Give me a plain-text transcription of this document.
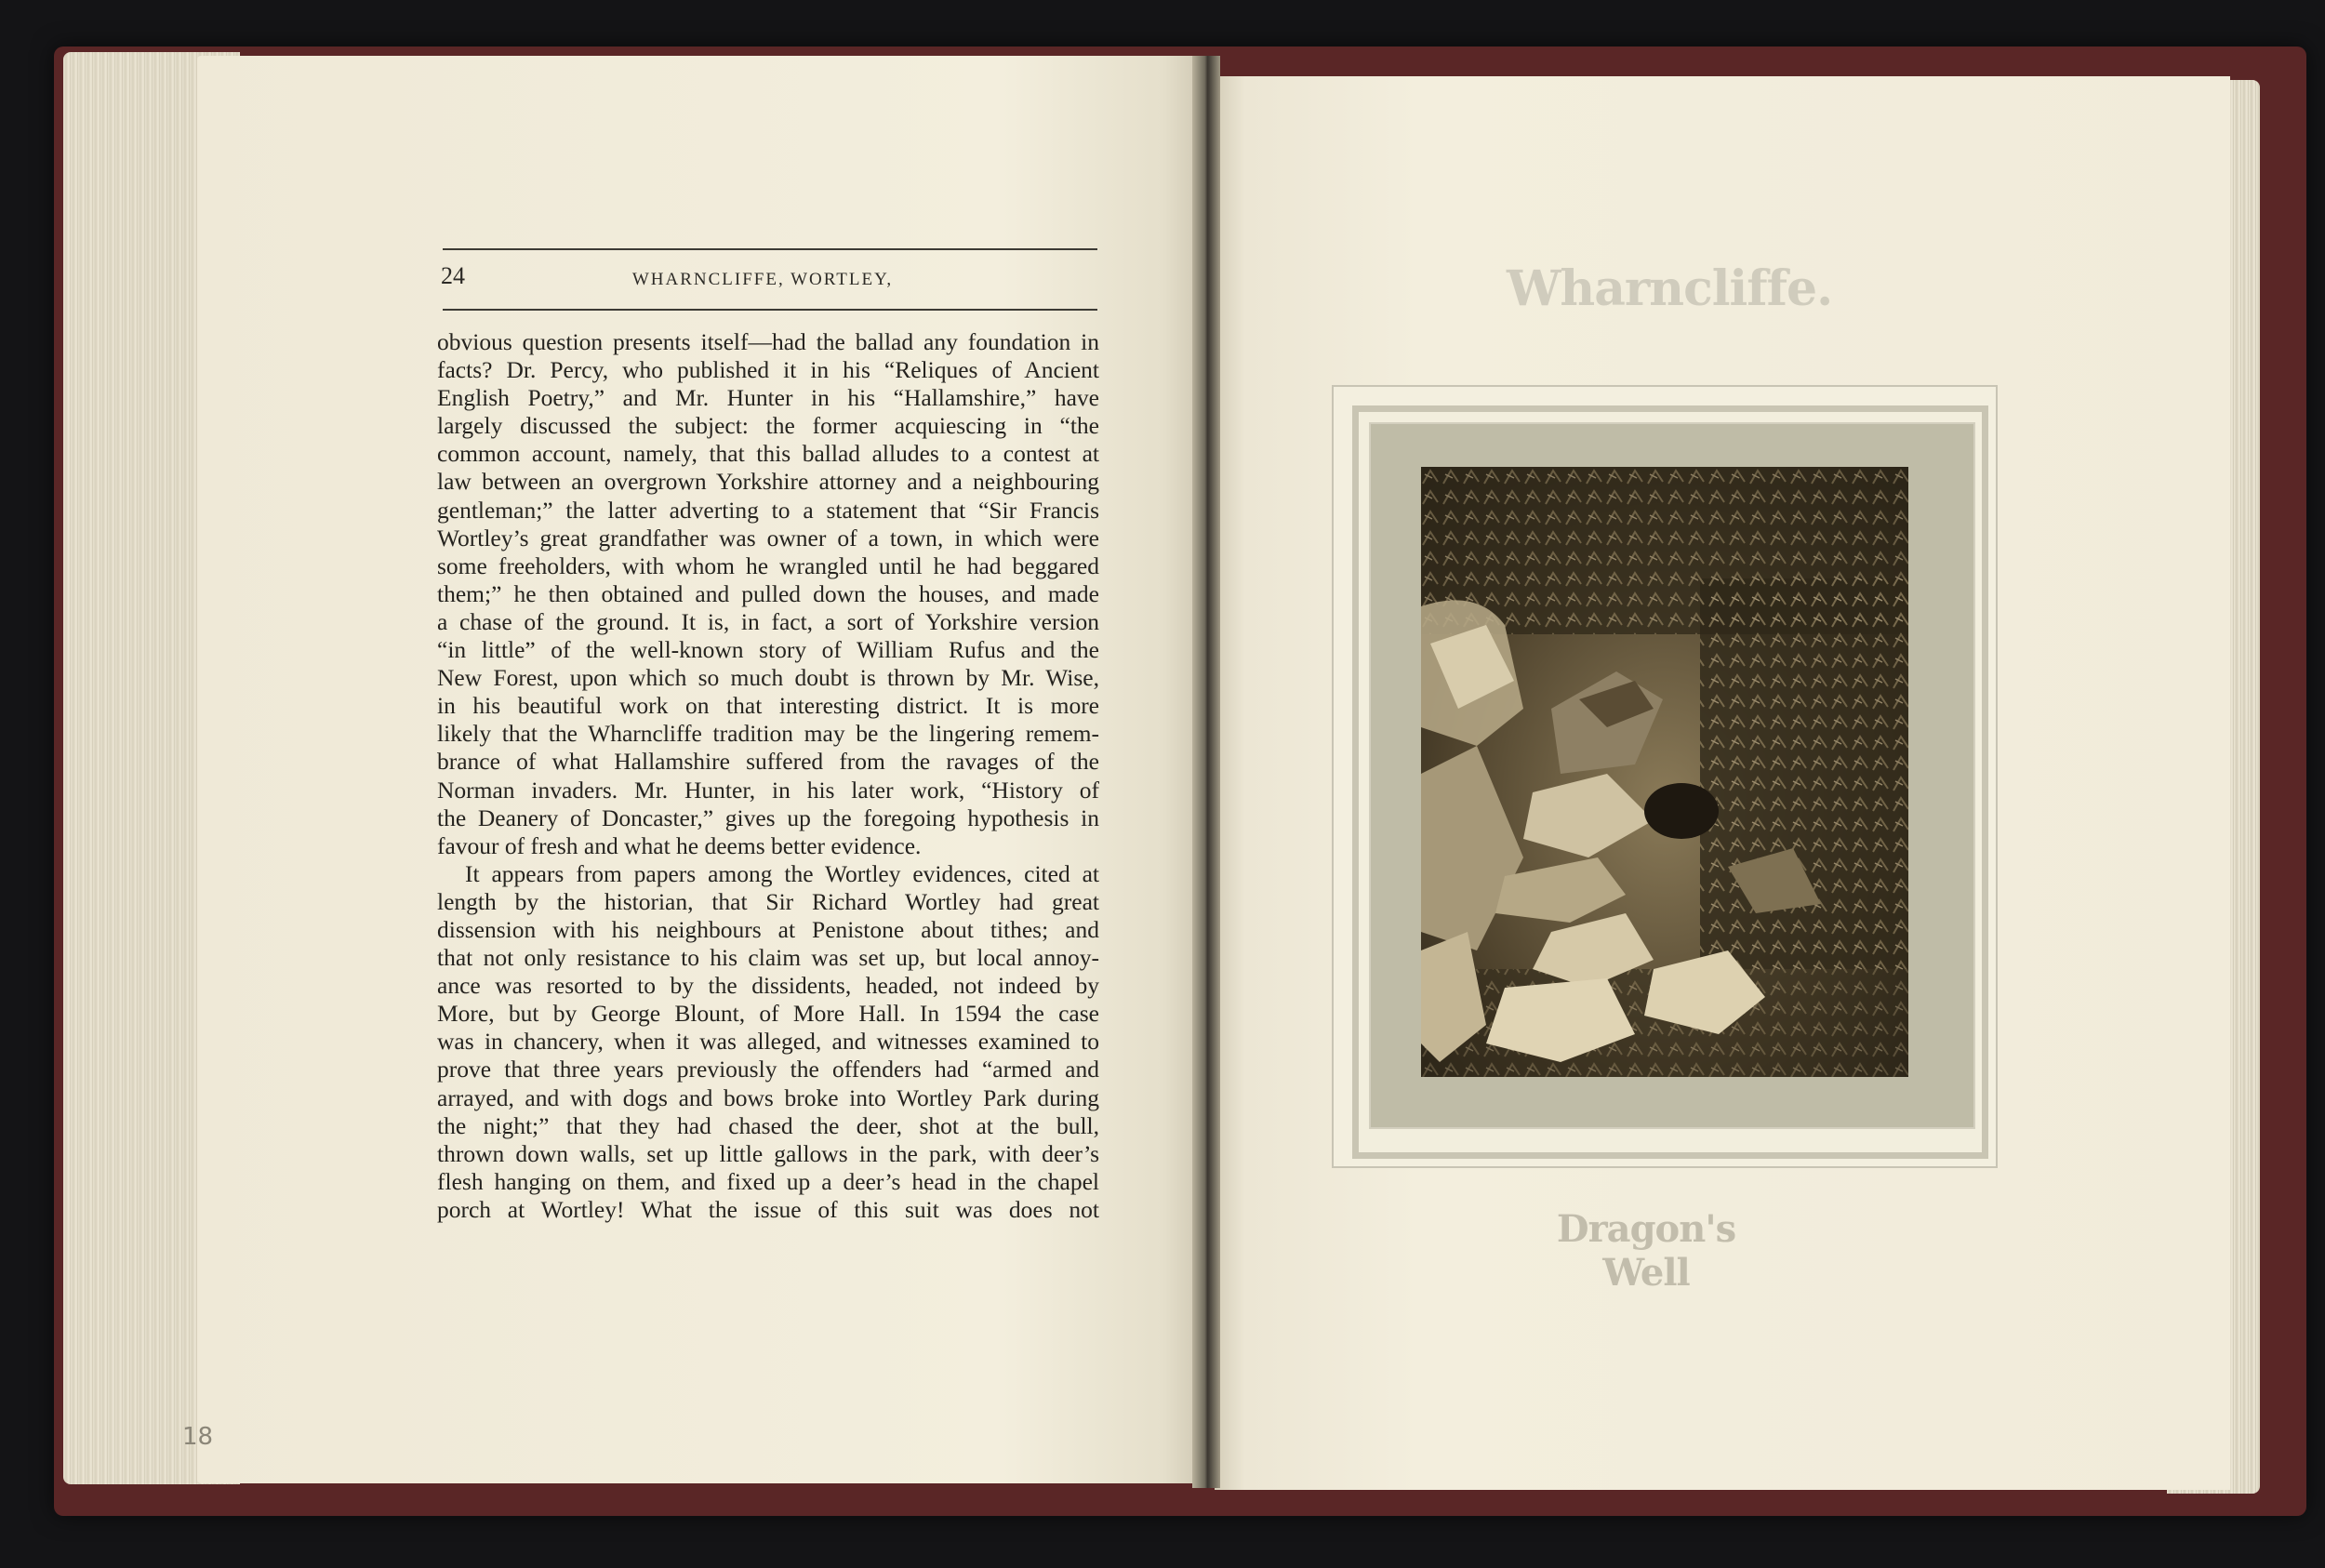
18
24	WHARNCLIFFE, WORTLEY,
obvious question presents itself—had the ballad any foundation in
facts? Dr. Percy, who published it in his “Reliques of Ancient
English Poetry,” and Mr. Hunter in his “Hallamshire,” have
largely discussed the subject: the former acquiescing in “the
common account, namely, that this ballad alludes to a contest at
law between an overgrown Yorkshire attorney and a neighbouring
gentleman;” the latter adverting to a statement that “Sir Francis
Wortley’s great grandfather was owner of a town, in which were
some freeholders, with whom he wrangled until he had beggared
them;” he then obtained and pulled down the houses, and made
a chase of the ground. It is, in fact, a sort of Yorkshire version
“in little” of the well-known story of William Rufus and the
New Forest, upon which so much doubt is thrown by Mr. Wise,
in his beautiful work on that interesting district. It is more
likely that the Wharncliffe tradition may be the lingering remem-
brance of what Hallamshire suffered from the ravages of the
Norman invaders. Mr. Hunter, in his later work, “History of
the Deanery of Doncaster,” gives up the foregoing hypothesis in
favour of fresh and what he deems better evidence.
It appears from papers among the Wortley evidences, cited at
length by the historian, that Sir Richard Wortley had great
dissension with his neighbours at Penistone about tithes; and
that not only resistance to his claim was set up, but local annoy-
ance was resorted to by the dissidents, headed, not indeed by
More, but by George Blount, of More Hall. In 1594 the case
was in chancery, when it was alleged, and witnesses examined to
prove that three years previously the offenders had “armed and
arrayed, and with dogs and bows broke into Wortley Park during
the night;” that they had chased the deer, shot at the bull,
thrown down walls, set up little gallows in the park, with deer’s
flesh hanging on them, and fixed up a deer’s head in the chapel
porch at Wortley! What the issue of this suit was does not
Wharncliffe.
Dragon's Well
